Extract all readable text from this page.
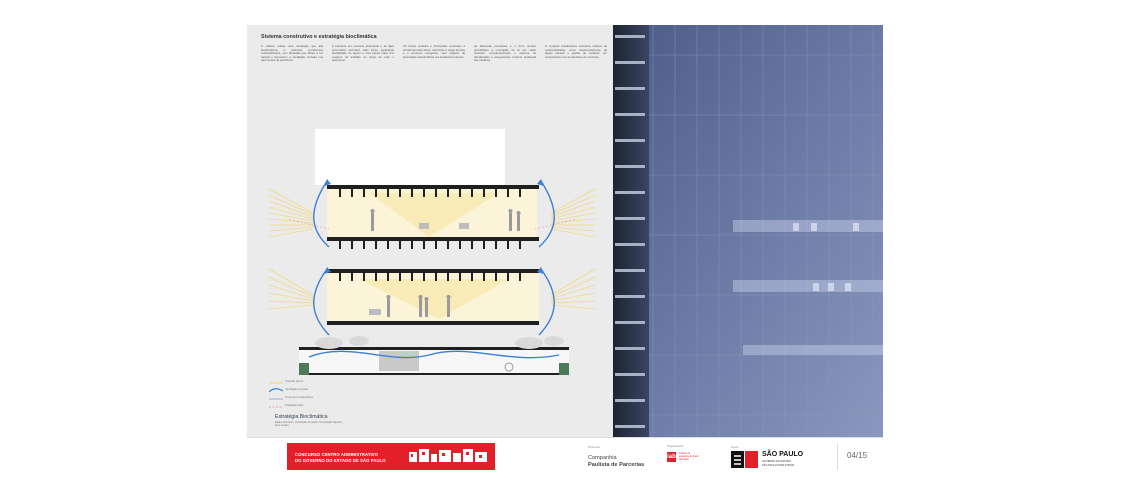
Sistema construtivo e estratégia bioclimática
O edifício reflete uma estratégia que alia bioclimatismo e sistemas construtivos industrializados, com fachadas que filtram a luz natural e favorecem a ventilação cruzada nos pavimentos de escritórios.
A estrutura em concreto protendido e as lajes nervuradas permitem vãos livres, garantindo flexibilidade de layout e uma leitura clara dos espaços de trabalho ao longo de todo o pavimento.
Os brises verticais e horizontais controlam a incidência solar direta, reduzindo a carga térmica e o consumo energético, sem prejuízo da iluminação natural difusa nos ambientes internos.
As aberturas pivotantes e o forro técnico possibilitam a renovação do ar por efeito chaminé, complementando o sistema de climatização e assegurando conforto ambiental aos usuários.
O conjunto arquitetônico incorpora critérios de sustentabilidade, como reaproveitamento de águas pluviais e gestão de resíduos, em consonância com as diretrizes do concurso.
Controle da luz
Ventilação cruzada
Troca de ar sistemática
Irradiação solar
Estratégia Bioclimática
Efeito Chaminé / Ventilação Cruzada / Iluminação Natural / Sem escala
CONCURSO CENTRO ADMINISTRATIVO
DO GOVERNO DO ESTADO DE SÃO PAULO
Promotor
Companhia
Paulista de Parcerias
Organizador
iab instituto de
arquitetos do brasil
são paulo
Apoio
SÃO PAULO
GOVERNO DO ESTADO
SÃO PAULO PARA TODOS
04/15
